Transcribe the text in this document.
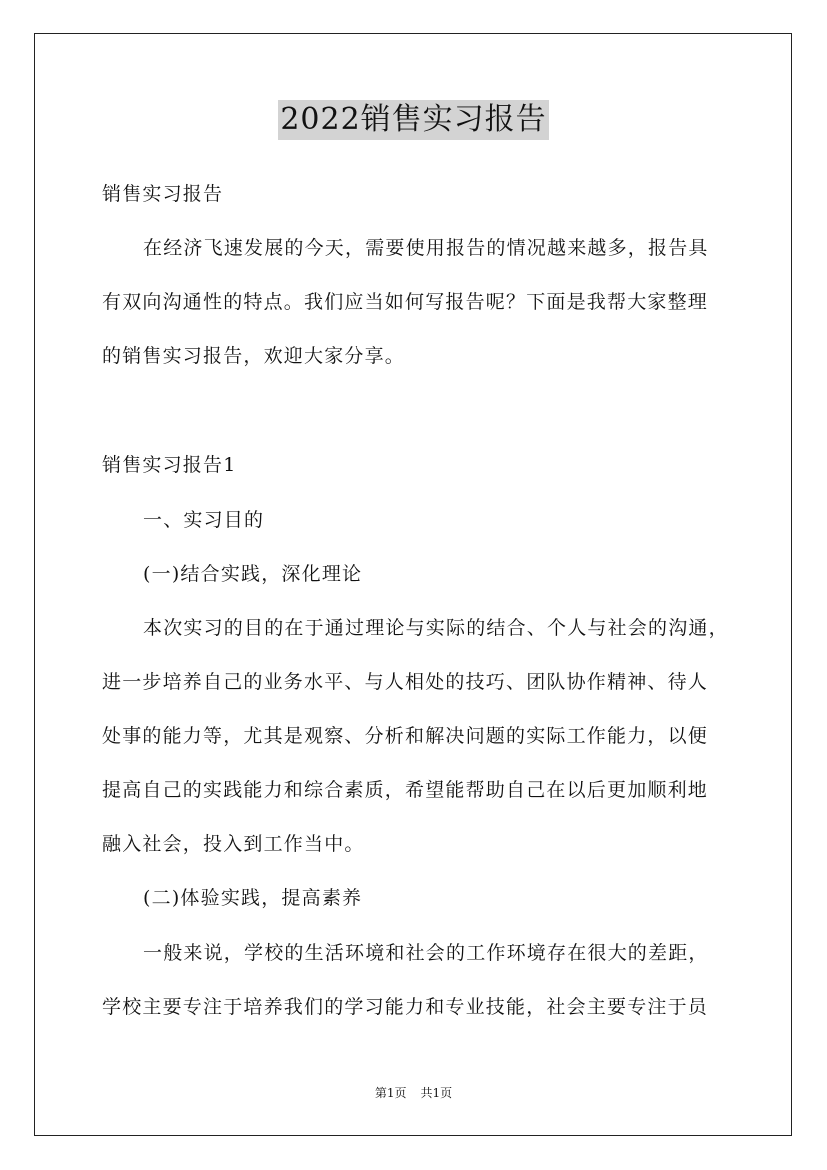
2022销售实习报告
销售实习报告
在经济飞速发展的今天，需要使用报告的情况越来越多，报告具
有双向沟通性的特点。我们应当如何写报告呢？下面是我帮大家整理
的销售实习报告，欢迎大家分享。
销售实习报告1
一、实习目的
(一)结合实践，深化理论
本次实习的目的在于通过理论与实际的结合、个人与社会的沟通，
进一步培养自己的业务水平、与人相处的技巧、团队协作精神、待人
处事的能力等，尤其是观察、分析和解决问题的实际工作能力，以便
提高自己的实践能力和综合素质，希望能帮助自己在以后更加顺利地
融入社会，投入到工作当中。
(二)体验实践，提高素养
一般来说，学校的生活环境和社会的工作环境存在很大的差距，
学校主要专注于培养我们的学习能力和专业技能，社会主要专注于员
第1页 共1页
